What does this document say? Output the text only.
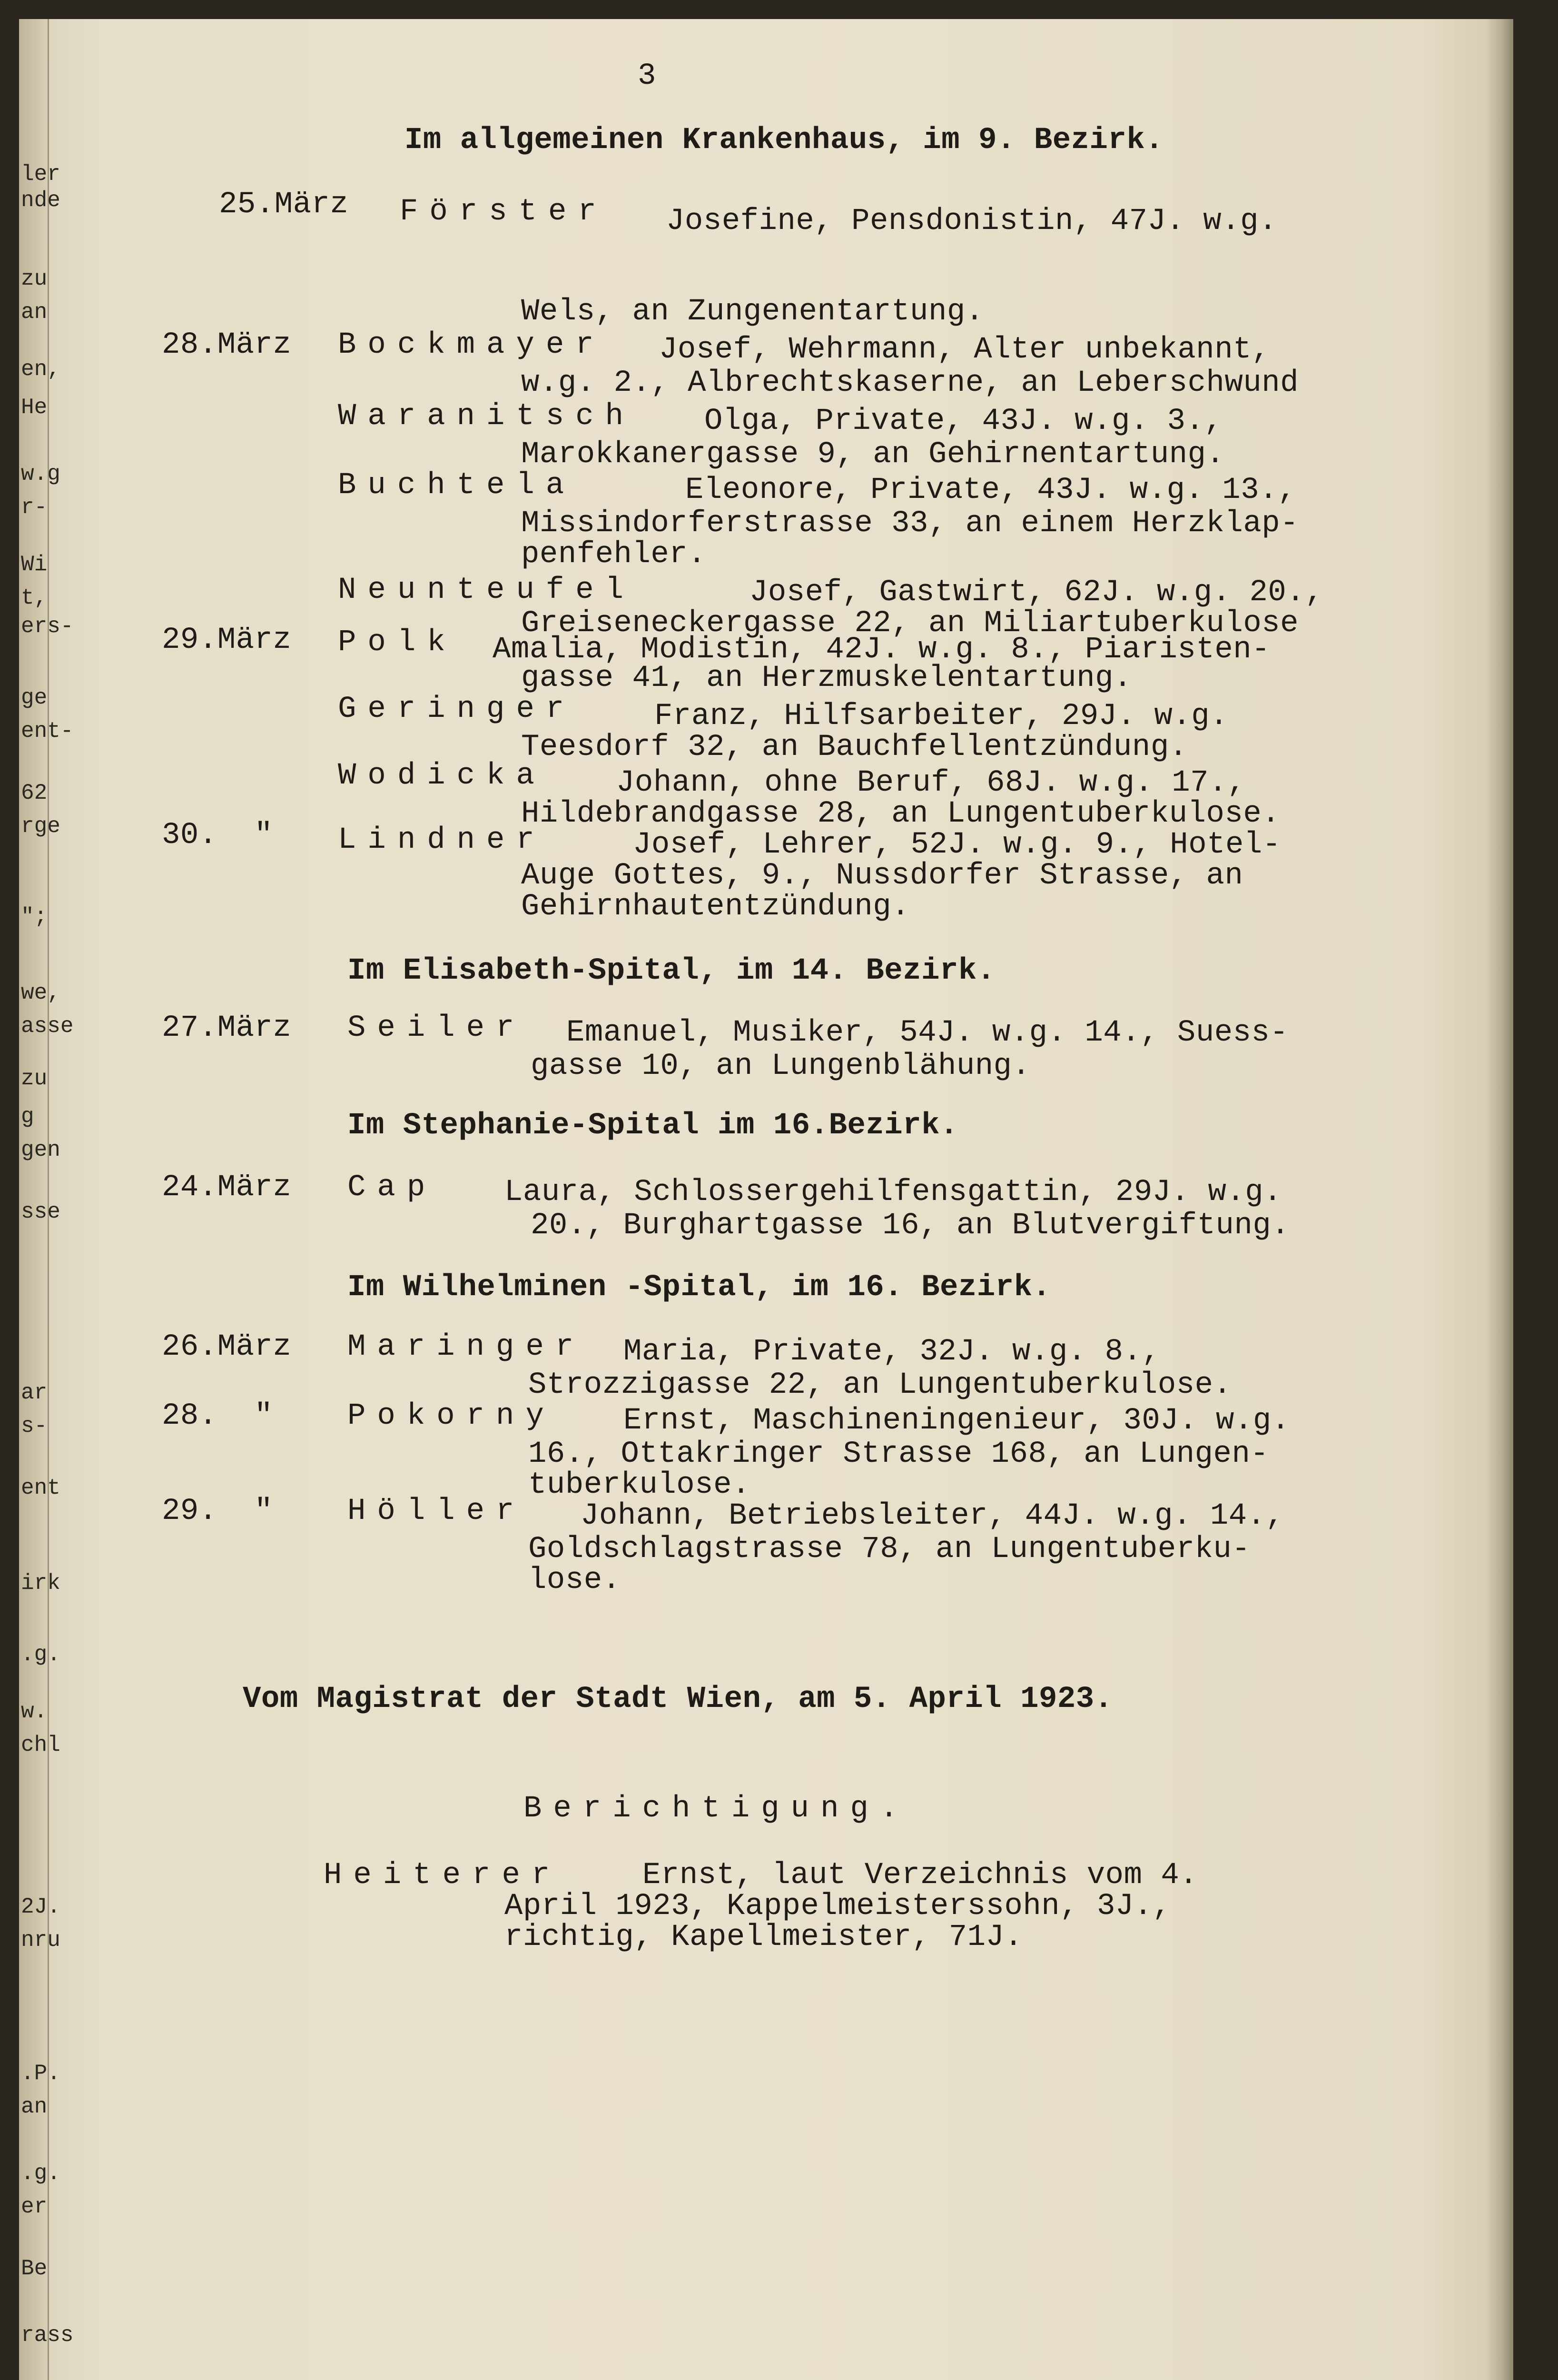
ler
nde
zu
an
en,
He
w.g
r-
Wi
t,
ers-
ge
ent-
62
rge
";
we,
asse
zu
g
gen
sse
ar
s-
ent
irk
.g.
w.
chl
2J.
nru
.P.
an
.g.
er
Be
rass
3
Im allgemeinen Krankenhaus, im 9. Bezirk.
25.März Förster Josefine, Pensdonistin, 47J. w.g.
Wels, an Zungenentartung.
28.März Bockmayer Josef, Wehrmann, Alter unbekannt,
w.g. 2., Albrechtskaserne, an Leberschwund
Waranitsch Olga, Private, 43J. w.g. 3.,
Marokkanergasse 9, an Gehirnentartung.
Buchtela	Eleonore, Private, 43J. w.g. 13.,
Missindorferstrasse 33, an einem Herzklap-
penfehler.
Neunteufel	Josef, Gastwirt, 62J. w.g. 20.,
Greiseneckergasse 22, an Miliartuberkulose
29.März Polk Amalia, Modistin, 42J. w.g. 8., Piaristen-
gasse 41, an Herzmuskelentartung.
Geringer	Franz, Hilfsarbeiter, 29J. w.g.
Teesdorf 32, an Bauchfellentzündung.
Wodicka Johann, ohne Beruf, 68J. w.g. 17.,
Hildebrandgasse 28, an Lungentuberkulose.
30.  " Lindner	Josef, Lehrer, 52J. w.g. 9., Hotel-
Auge Gottes, 9., Nussdorfer Strasse, an
Gehirnhautentzündung.
Im Elisabeth-Spital, im 14. Bezirk.
27.März Seiler Emanuel, Musiker, 54J. w.g. 14., Suess-
gasse 10, an Lungenblähung.
Im Stephanie-Spital im 16.Bezirk.
24.März Cap Laura, Schlossergehilfensgattin, 29J. w.g.
20., Burghartgasse 16, an Blutvergiftung.
Im Wilhelminen -Spital, im 16. Bezirk.
26.März Maringer Maria, Private, 32J. w.g. 8.,
Strozzigasse 22, an Lungentuberkulose.
28.  " Pokorny Ernst, Maschineningenieur, 30J. w.g.
16., Ottakringer Strasse 168, an Lungen-
tuberkulose.
29.  " Höller Johann, Betriebsleiter, 44J. w.g. 14.,
Goldschlagstrasse 78, an Lungentuberku-
lose.
Vom Magistrat der Stadt Wien, am 5. April 1923.
Berichtigung.
Heiterer	Ernst, laut Verzeichnis vom 4.
April 1923, Kappelmeisterssohn, 3J.,
richtig, Kapellmeister, 71J.
